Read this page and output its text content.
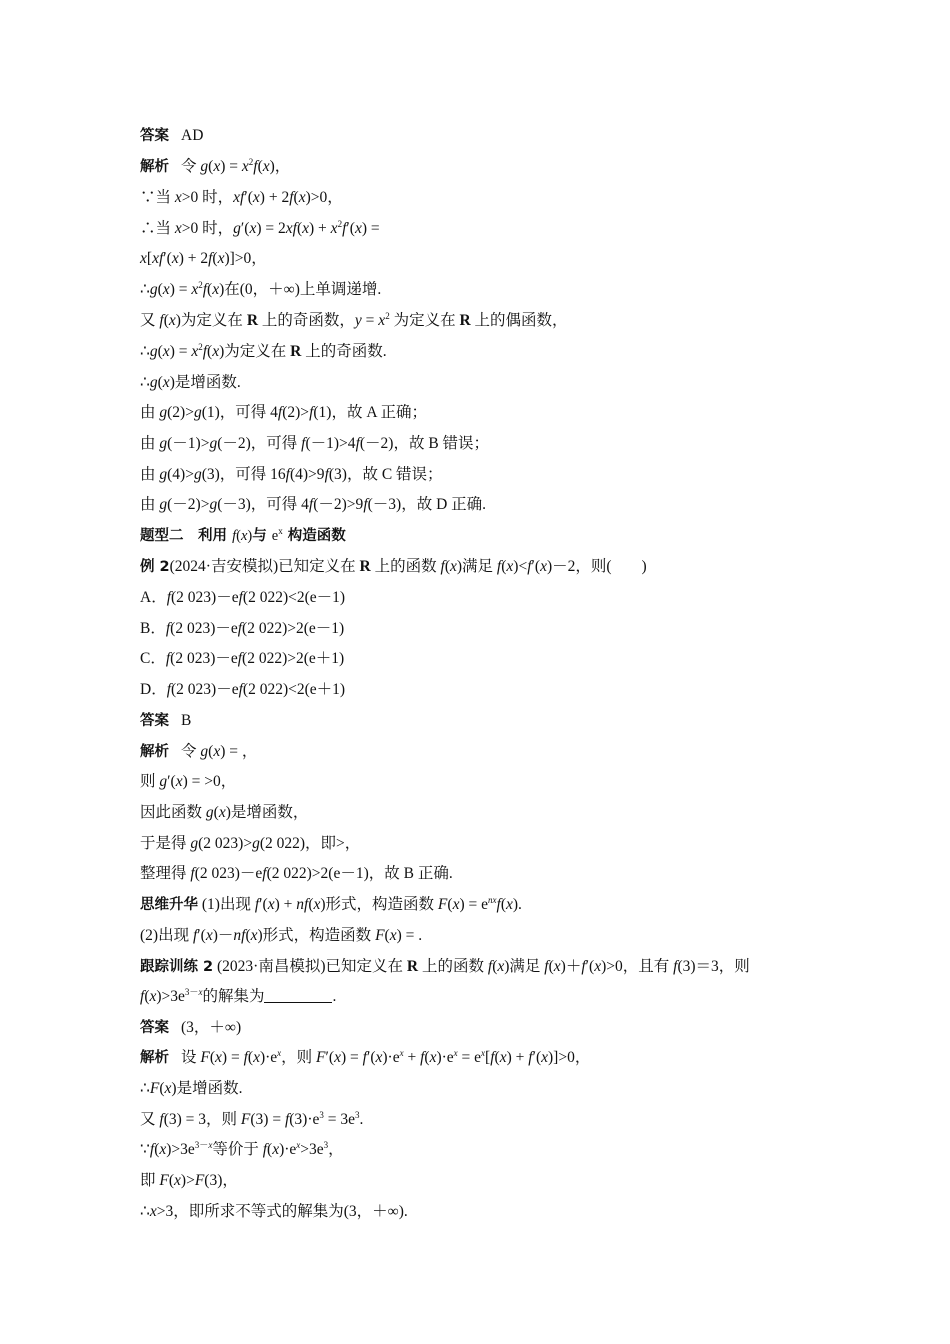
答案 AD
解析 令 $g(x) = x^2f(x)$，
∵当 x>0 时，xf′(x) + 2f(x)>0，
∴当 x>0 时，$g'(x) = 2xf(x) + x^2f'(x)$ =
x[xf′(x) + 2f(x)]>0，
∴g(x) = $x^2f(x)$在(0，＋∞)上单调递增.
又 f(x)为定义在 R 上的奇函数，$y = x^2$ 为定义在 R 上的偶函数，
∴g(x) = $x^2f(x)$为定义在 R 上的奇函数.
∴g(x)是增函数.
由 g(2)>g(1)，可得 4f(2)>f(1)，故 A 正确；
由 g(－1)>g(－2)，可得 f(－1)>4f(－2)，故 B 错误；
由 g(4)>g(3)，可得 16f(4)>9f(3)，故 C 错误；
由 g(－2)>g(－3)，可得 4f(－2)>9f(－3)，故 D 正确.
题型二　利用 f(x)与 $e^x$ 构造函数
例 2(2024·吉安模拟)已知定义在 R 上的函数 f(x)满足 f(x)<f′(x)－2，则( )
A．f(2 023)－ef(2 022)<2(e－1)
B．f(2 023)－ef(2 022)>2(e－1)
C．f(2 023)－ef(2 022)>2(e＋1)
D．f(2 023)－ef(2 022)<2(e＋1)
答案 B
解析 令 g(x) = ，
则 g′(x) = >0，
因此函数 g(x)是增函数，
于是得 g(2 023)>g(2 022)，即>，
整理得 f(2 023)－ef(2 022)>2(e－1)，故 B 正确.
思维升华 (1)出现 f′(x) + nf(x)形式，构造函数 $F(x) = e^{nx}f(x)$.
(2)出现 f′(x)－nf(x)形式，构造函数 F(x) = .
跟踪训练 2 (2023·南昌模拟)已知定义在 R 上的函数 f(x)满足 f(x)＋f′(x)>0，且有 f(3)＝3，则
$f(x)>3e^{3-x}$的解集为	.
答案 (3，＋∞)
解析 设 $F(x) = f(x)\cdot e^x$，则 $F'(x) = f'(x)\cdot e^x + f(x)\cdot e^x = e^x[f(x) + f'(x)]>0$，
∴F(x)是增函数.
又 f(3) = 3，则 $F(3) = f(3)\cdot e^3 = 3e^3$.
$\because f(x)>3e^{3-x}$等价于 $f(x)\cdot e^x>3e^3$，
即 F(x)>F(3)，
∴x>3，即所求不等式的解集为(3，＋∞).
